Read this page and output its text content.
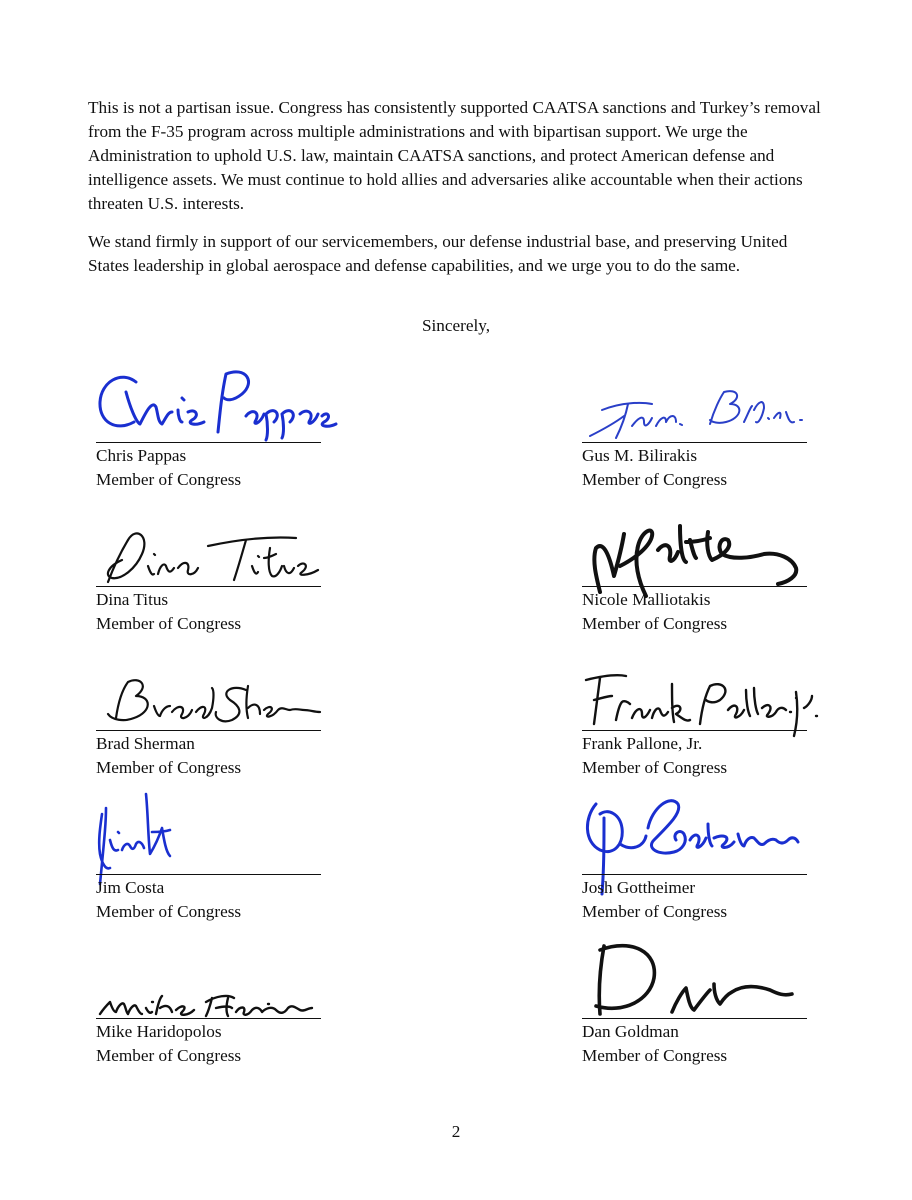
This is not a partisan issue. Congress has consistently supported CAATSA sanctions and Turkey’s removal from the F-35 program across multiple administrations and with bipartisan support. We urge the Administration to uphold U.S. law, maintain CAATSA sanctions, and protect American defense and intelligence assets. We must continue to hold allies and adversaries alike accountable when their actions threaten U.S. interests.

We stand firmly in support of our servicemembers, our defense industrial base, and preserving United States leadership in global aerospace and defense capabilities, and we urge you to do the same.

Sincerely,
Chris Pappas
Member of Congress
Gus M. Bilirakis
Member of Congress
Dina Titus
Member of Congress
Nicole Malliotakis
Member of Congress
Brad Sherman
Member of Congress
Frank Pallone, Jr.
Member of Congress
Jim Costa
Member of Congress
Josh Gottheimer
Member of Congress
Mike Haridopolos
Member of Congress
Dan Goldman
Member of Congress
2
